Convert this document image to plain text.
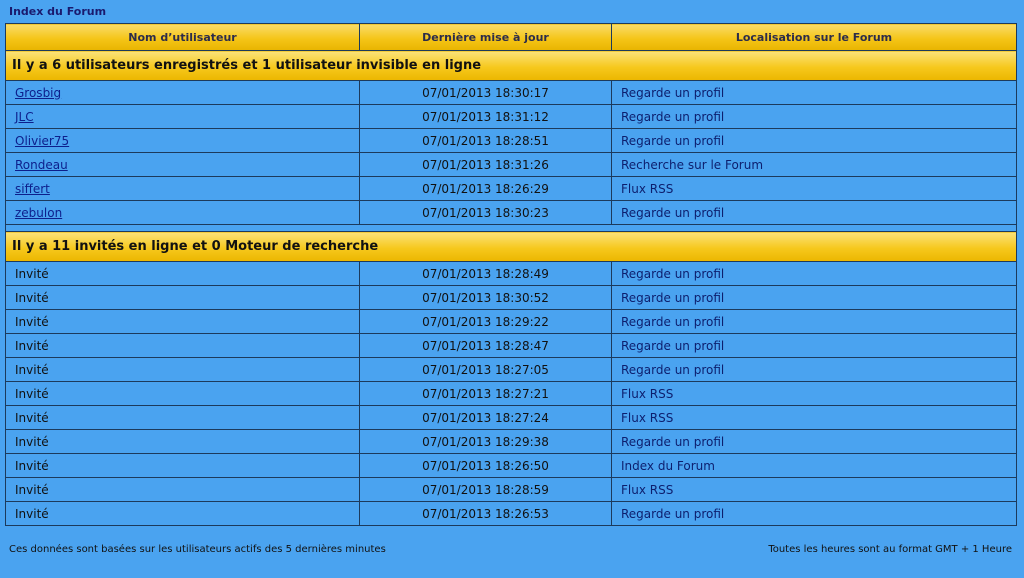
Index du Forum
Nom d’utilisateur	Dernière mise à jour	Localisation sur le Forum
Il y a 6 utilisateurs enregistrés et 1 utilisateur invisible en ligne		
Grosbig	07/01/2013 18:30:17	Regarde un profil
JLC	07/01/2013 18:31:12	Regarde un profil
Olivier75	07/01/2013 18:28:51	Regarde un profil
Rondeau	07/01/2013 18:31:26	Recherche sur le Forum
siffert	07/01/2013 18:26:29	Flux RSS
zebulon	07/01/2013 18:30:23	Regarde un profil

Il y a 11 invités en ligne et 0 Moteur de recherche		
Invité	07/01/2013 18:28:49	Regarde un profil
Invité	07/01/2013 18:30:52	Regarde un profil
Invité	07/01/2013 18:29:22	Regarde un profil
Invité	07/01/2013 18:28:47	Regarde un profil
Invité	07/01/2013 18:27:05	Regarde un profil
Invité	07/01/2013 18:27:21	Flux RSS
Invité	07/01/2013 18:27:24	Flux RSS
Invité	07/01/2013 18:29:38	Regarde un profil
Invité	07/01/2013 18:26:50	Index du Forum
Invité	07/01/2013 18:28:59	Flux RSS
Invité	07/01/2013 18:26:53	Regarde un profil
Ces données sont basées sur les utilisateurs actifs des 5 dernières minutes	Toutes les heures sont au format GMT + 1 Heure
